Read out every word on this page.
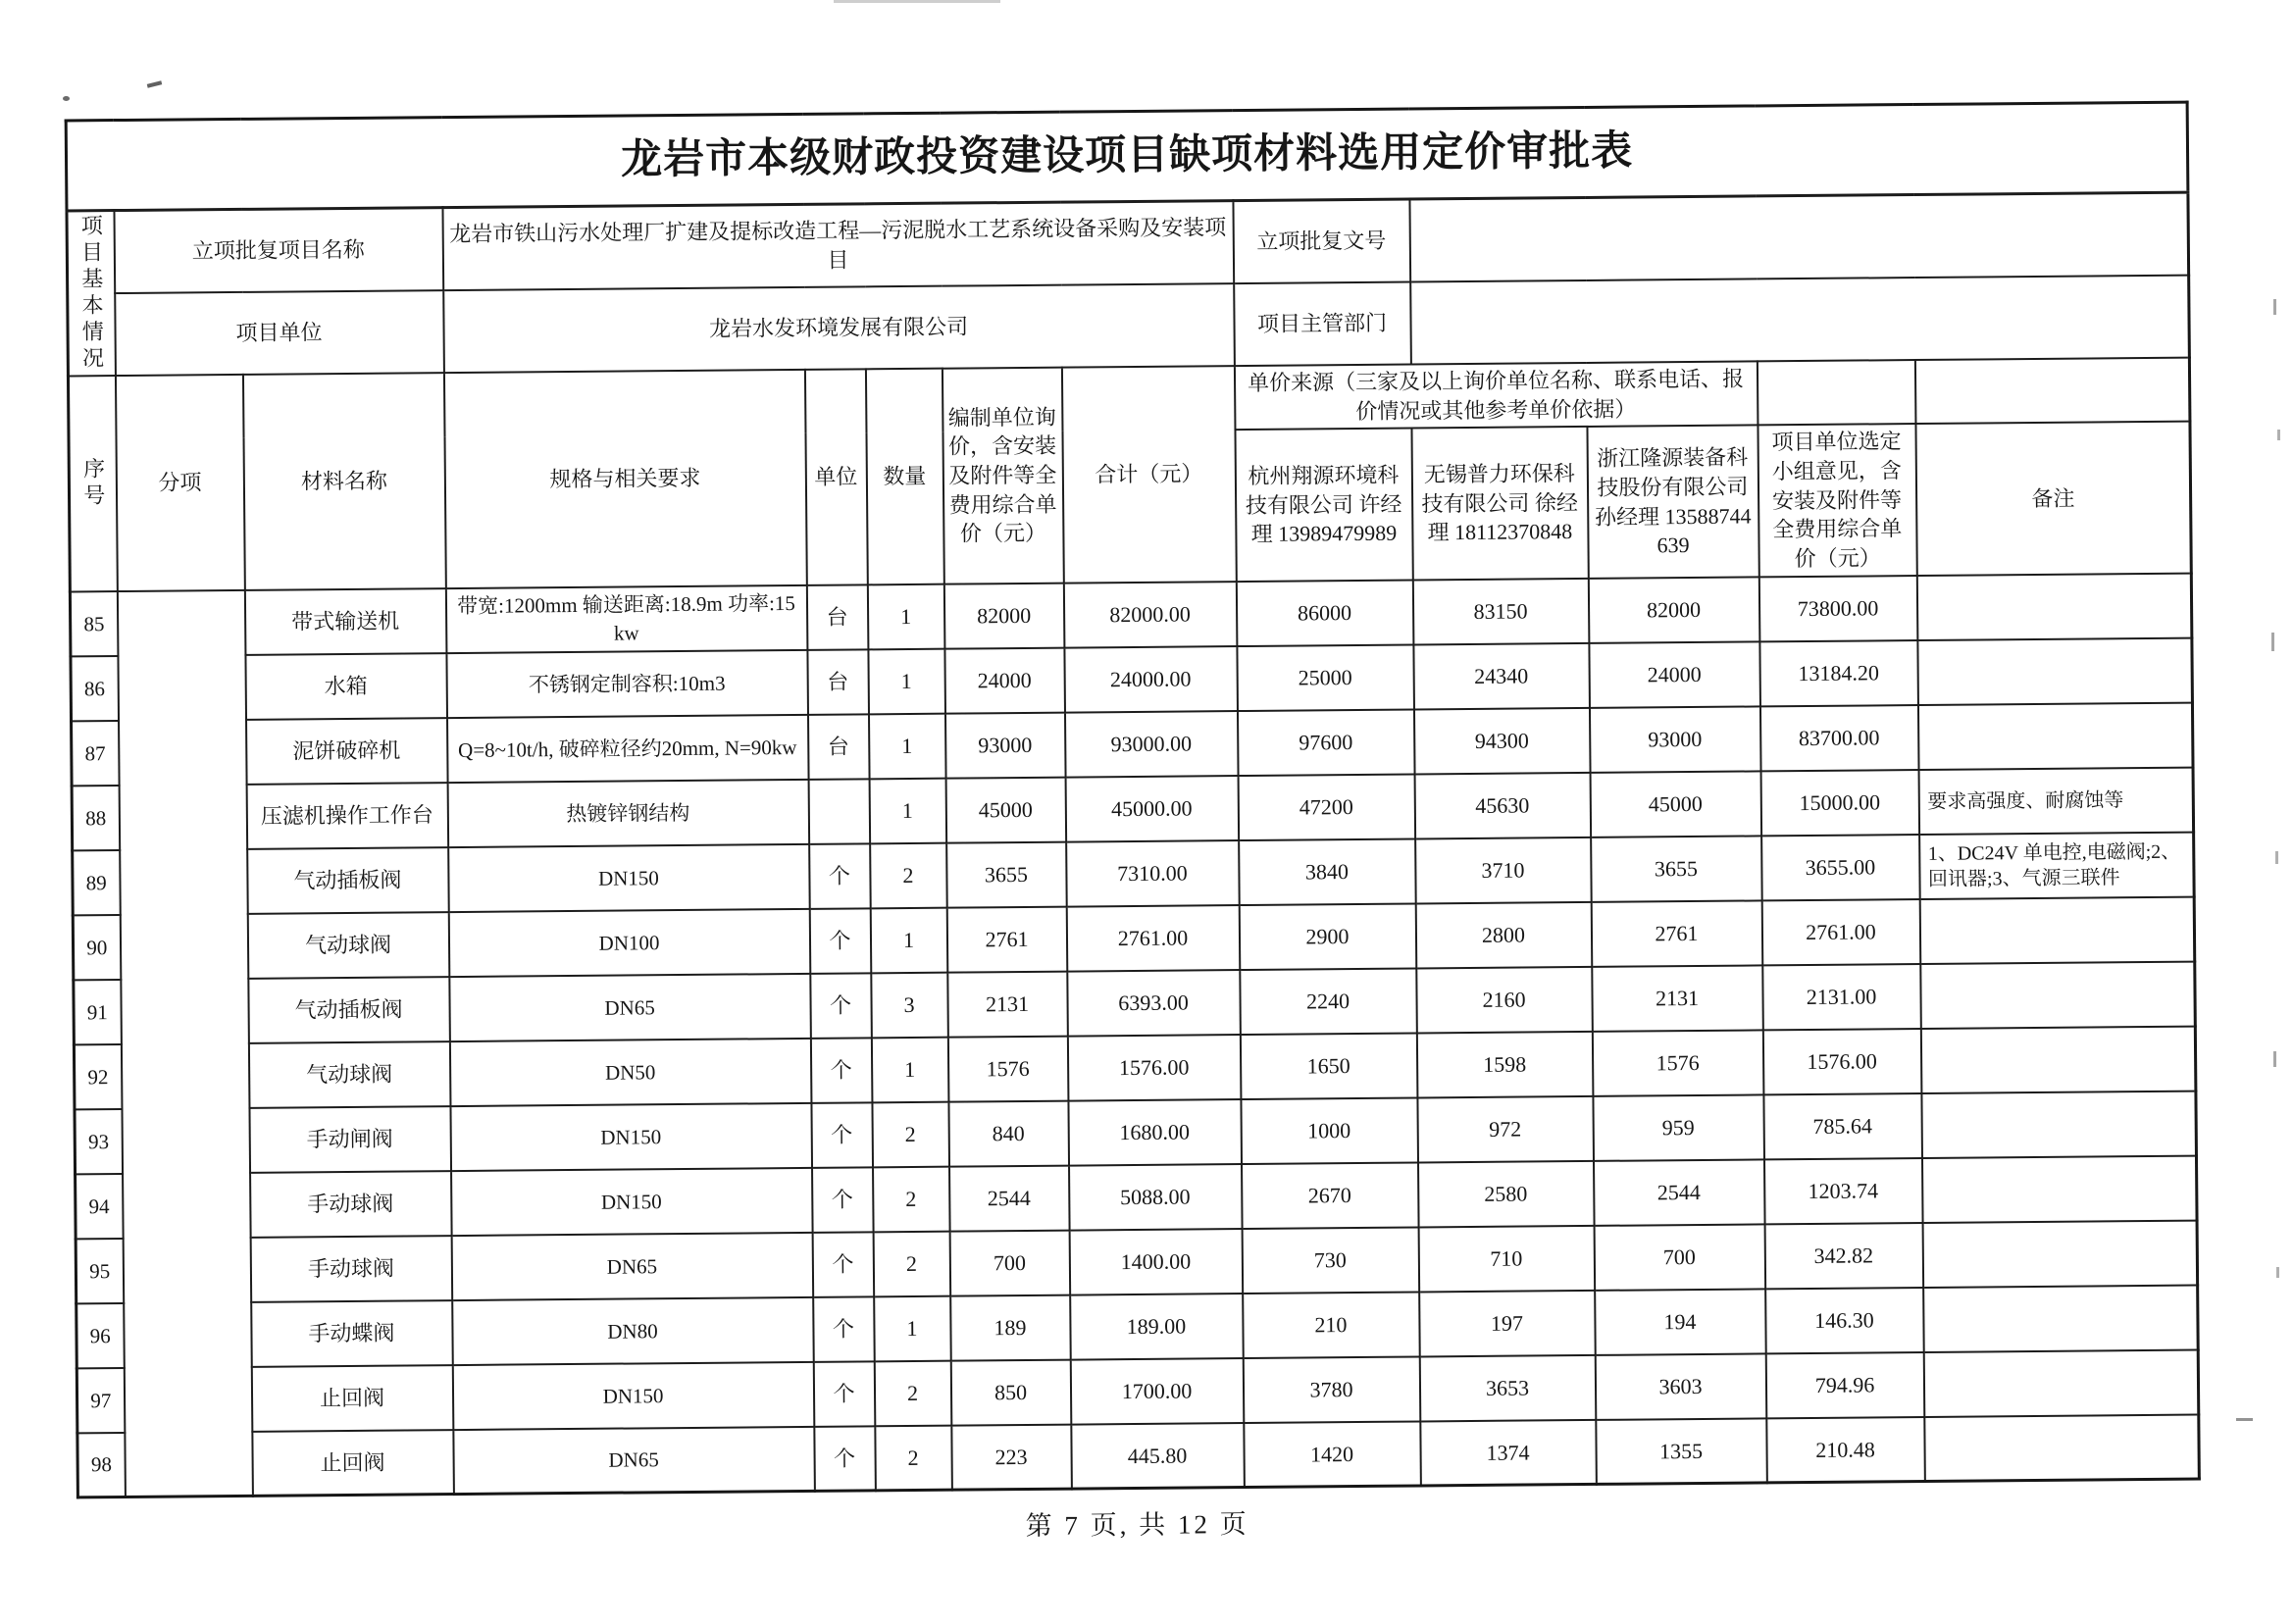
龙岩市本级财政投资建设项目缺项材料选用定价审批表												

项目基本情况	立项批复项目名称		龙岩市铁山污水处理厂扩建及提标改造工程—污泥脱水工艺系统设备采购及安装项目					立项批复文号				
	项目单位		龙岩水发环境发展有限公司					项目主管部门				

序号	分项	材料名称	规格与相关要求	单位	数量	编制单位询价，含安装及附件等全费用综合单价（元）	合计（元）	单价来源（三家及以上询价单位名称、联系电话、报价情况或其他参考单价依据）				
								杭州翔源环境科技有限公司 许经理 13989479989	无锡普力环保科技有限公司 徐经理 18112370848	浙江隆源装备科技股份有限公司 孙经理 13588744639	项目单位选定小组意见，含安装及附件等全费用综合单价（元）	备注
85		带式输送机	带宽:1200mm 输送距离:18.9m 功率:15kw	台	1	82000	82000.00	86000	83150	82000	73800.00	
86		水箱	不锈钢定制容积:10m3	台	1	24000	24000.00	25000	24340	24000	13184.20	
87		泥饼破碎机	Q=8~10t/h, 破碎粒径约20mm, N=90kw	台	1	93000	93000.00	97600	94300	93000	83700.00	
88		压滤机操作工作台	热镀锌钢结构		1	45000	45000.00	47200	45630	45000	15000.00	要求高强度、耐腐蚀等
89		气动插板阀	DN150	个	2	3655	7310.00	3840	3710	3655	3655.00	1、DC24V 单电控,电磁阀;2、回讯器;3、气源三联件
90		气动球阀	DN100	个	1	2761	2761.00	2900	2800	2761	2761.00	
91		气动插板阀	DN65	个	3	2131	6393.00	2240	2160	2131	2131.00	
92		气动球阀	DN50	个	1	1576	1576.00	1650	1598	1576	1576.00	
93		手动闸阀	DN150	个	2	840	1680.00	1000	972	959	785.64	
94		手动球阀	DN150	个	2	2544	5088.00	2670	2580	2544	1203.74	
95		手动球阀	DN65	个	2	700	1400.00	730	710	700	342.82	
96		手动蝶阀	DN80	个	1	189	189.00	210	197	194	146.30	
97		止回阀	DN150	个	2	850	1700.00	3780	3653	3603	794.96	
98		止回阀	DN65	个	2	223	445.80	1420	1374	1355	210.48	
第 7 页, 共 12 页
